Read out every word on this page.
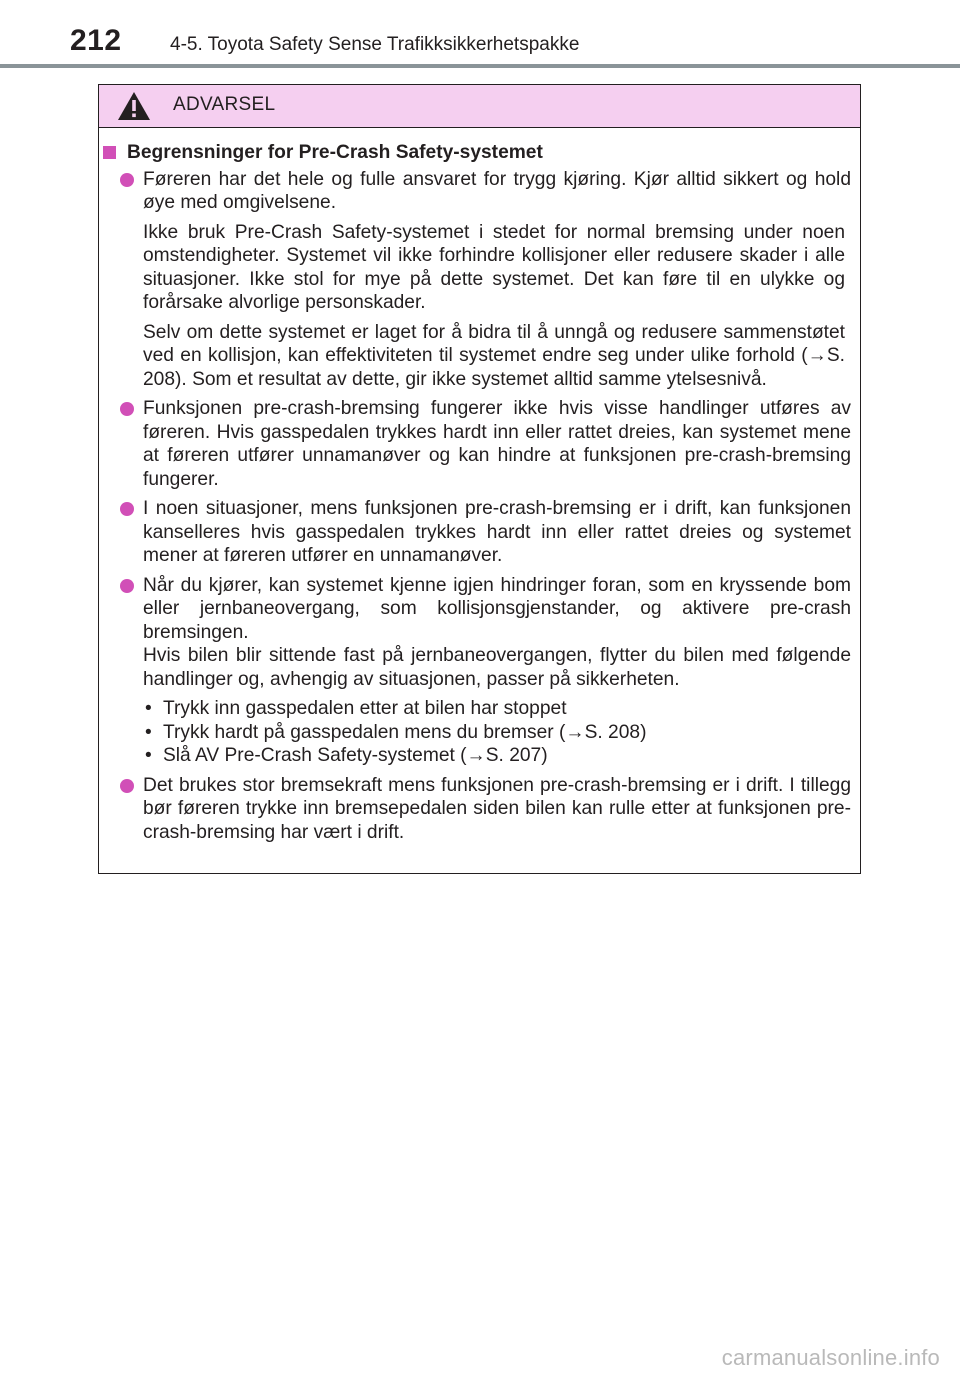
212	4-5. Toyota Safety Sense Trafikksikkerhetspakke
ADVARSEL

Begrensninger for Pre-Crash Safety-systemet

Føreren har det hele og fulle ansvaret for trygg kjøring. Kjør alltid sikkert og hold øye med omgivelsene.

Ikke bruk Pre-Crash Safety-systemet i stedet for normal bremsing under noen omstendigheter. Systemet vil ikke forhindre kollisjoner eller redusere skader i alle situasjoner. Ikke stol for mye på dette systemet. Det kan føre til en ulykke og forårsake alvorlige personskader.

Selv om dette systemet er laget for å bidra til å unngå og redusere sammenstøtet ved en kollisjon, kan effektiviteten til systemet endre seg under ulike forhold (→S. 208). Som et resultat av dette, gir ikke systemet alltid samme ytelsesnivå.

Funksjonen pre-crash-bremsing fungerer ikke hvis visse handlinger utføres av føreren. Hvis gasspedalen trykkes hardt inn eller rattet dreies, kan systemet mene at føreren utfører unnamanøver og kan hindre at funksjonen pre-crash-bremsing fungerer.

I noen situasjoner, mens funksjonen pre-crash-bremsing er i drift, kan funksjonen kanselleres hvis gasspedalen trykkes hardt inn eller rattet dreies og systemet mener at føreren utfører en unnamanøver.

Når du kjører, kan systemet kjenne igjen hindringer foran, som en kryssende bom eller jernbaneovergang, som kollisjonsgjenstander, og aktivere pre-crash bremsingen.
Hvis bilen blir sittende fast på jernbaneovergangen, flytter du bilen med følgende handlinger og, avhengig av situasjonen, passer på sikkerheten.
• Trykk inn gasspedalen etter at bilen har stoppet
• Trykk hardt på gasspedalen mens du bremser (→S. 208)
• Slå AV Pre-Crash Safety-systemet (→S. 207)

Det brukes stor bremsekraft mens funksjonen pre-crash-bremsing er i drift. I tillegg bør føreren trykke inn bremsepedalen siden bilen kan rulle etter at funksjonen pre-crash-bremsing har vært i drift.

carmanualsonline.info
